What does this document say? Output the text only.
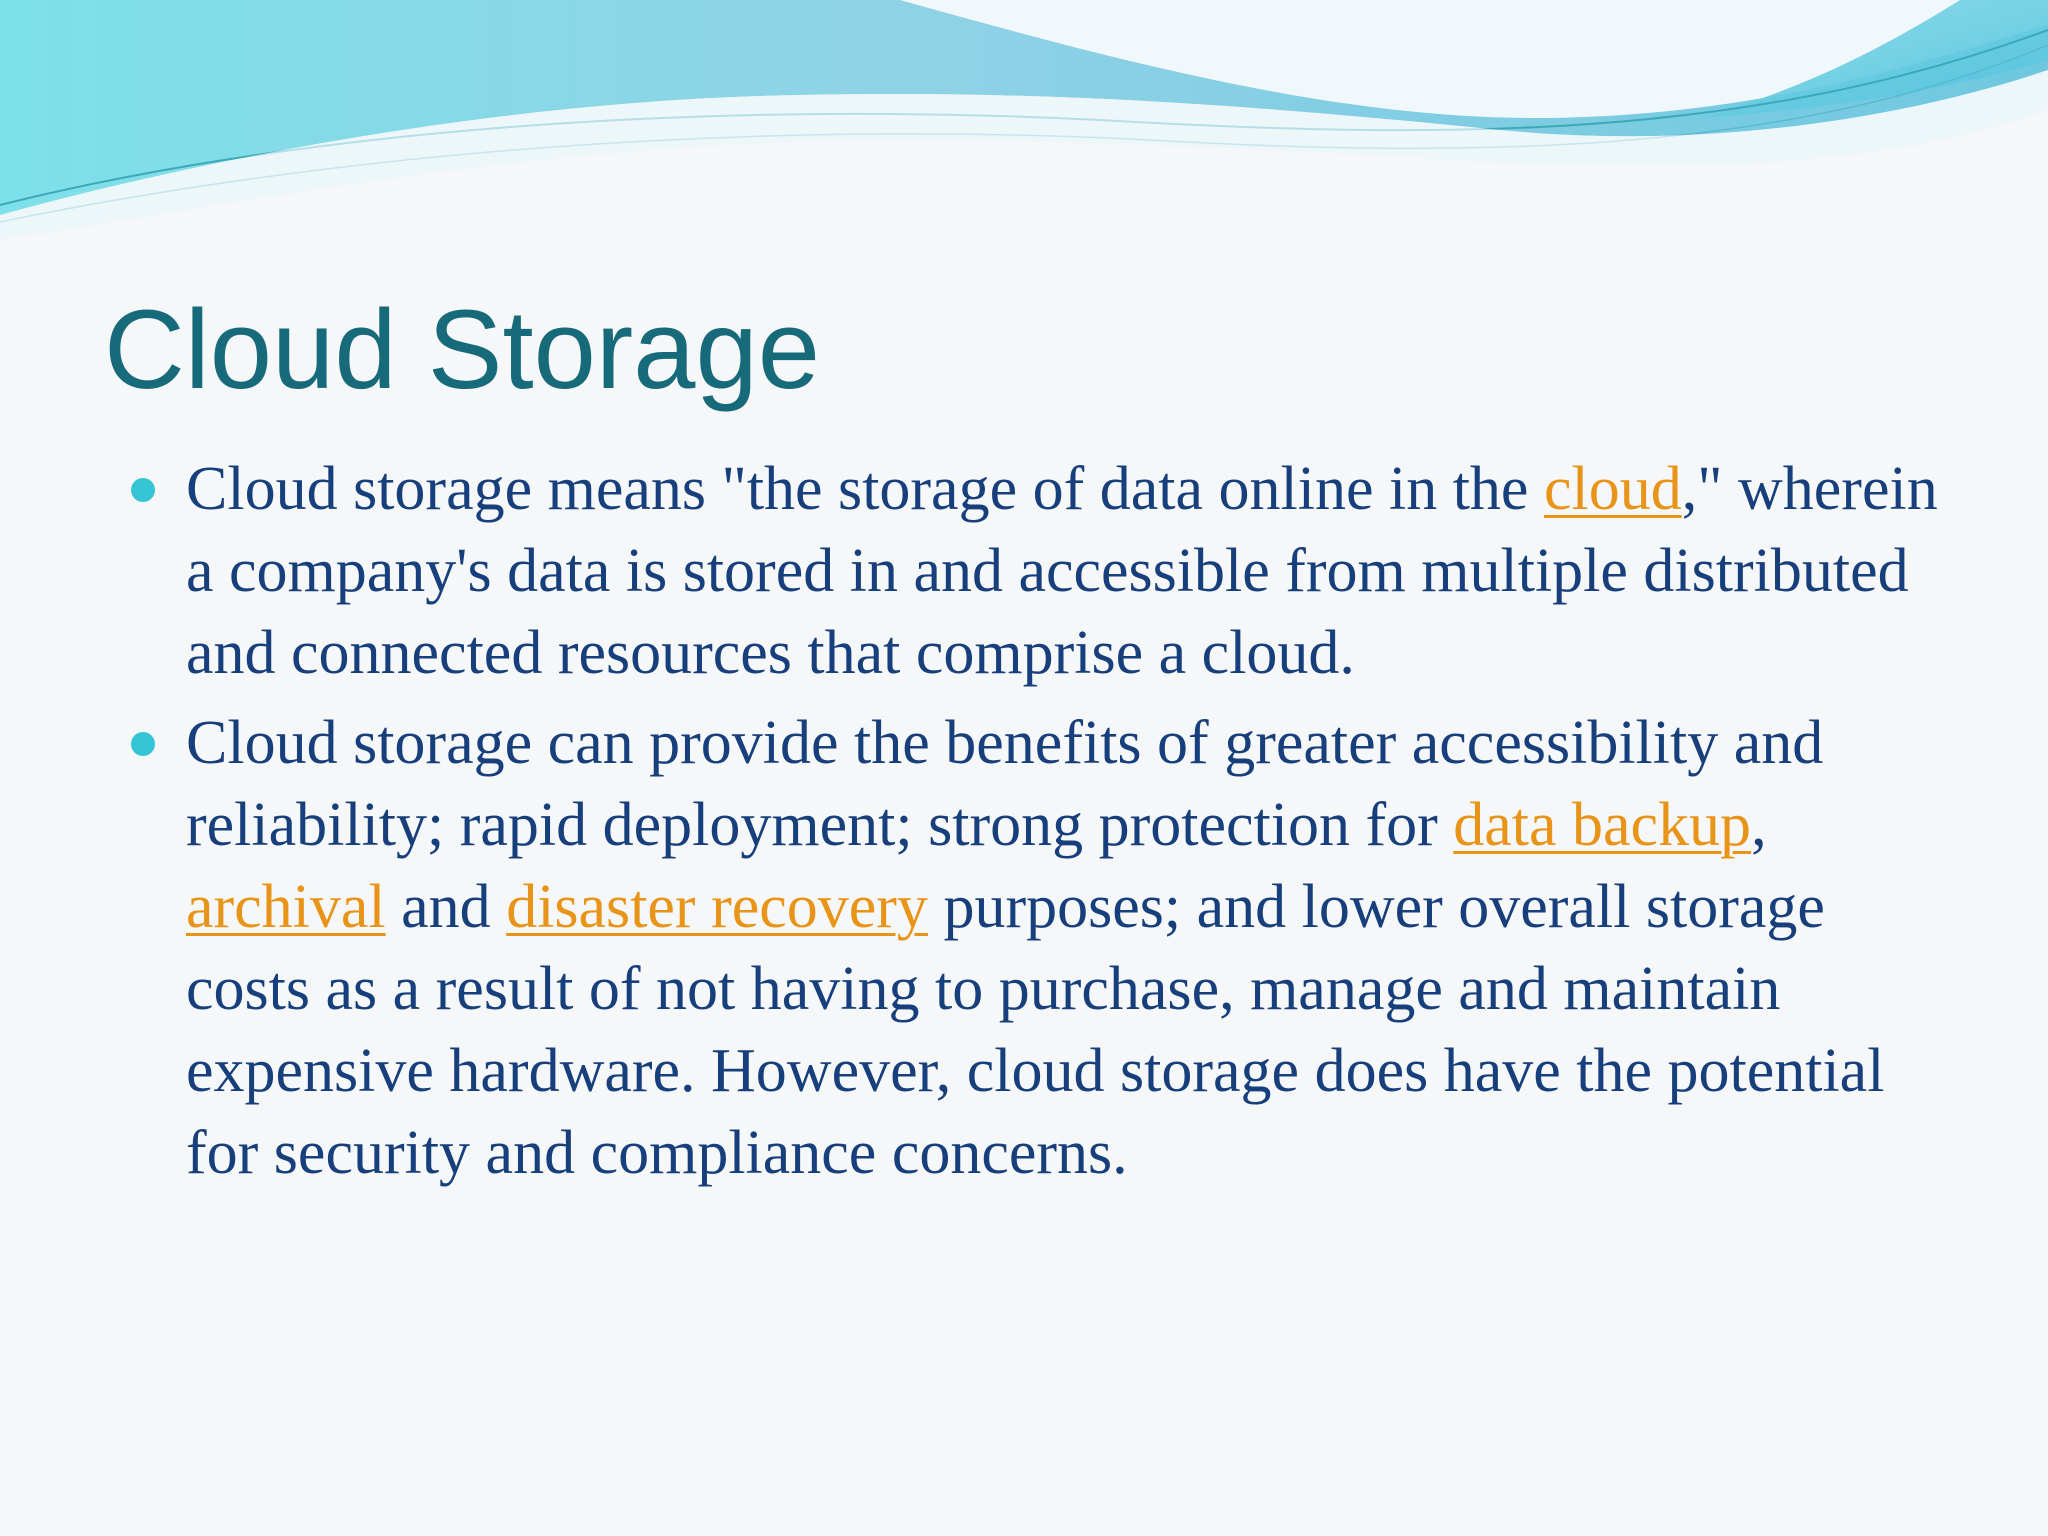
Cloud Storage
Cloud storage means "the storage of data online in the cloud," wherein a company's data is stored in and accessible from multiple distributed and connected resources that comprise a cloud.
Cloud storage can provide the benefits of greater accessibility and reliability; rapid deployment; strong protection for data backup, archival and disaster recovery purposes; and lower overall storage costs as a result of not having to purchase, manage and maintain expensive hardware. However, cloud storage does have the potential for security and compliance concerns.
